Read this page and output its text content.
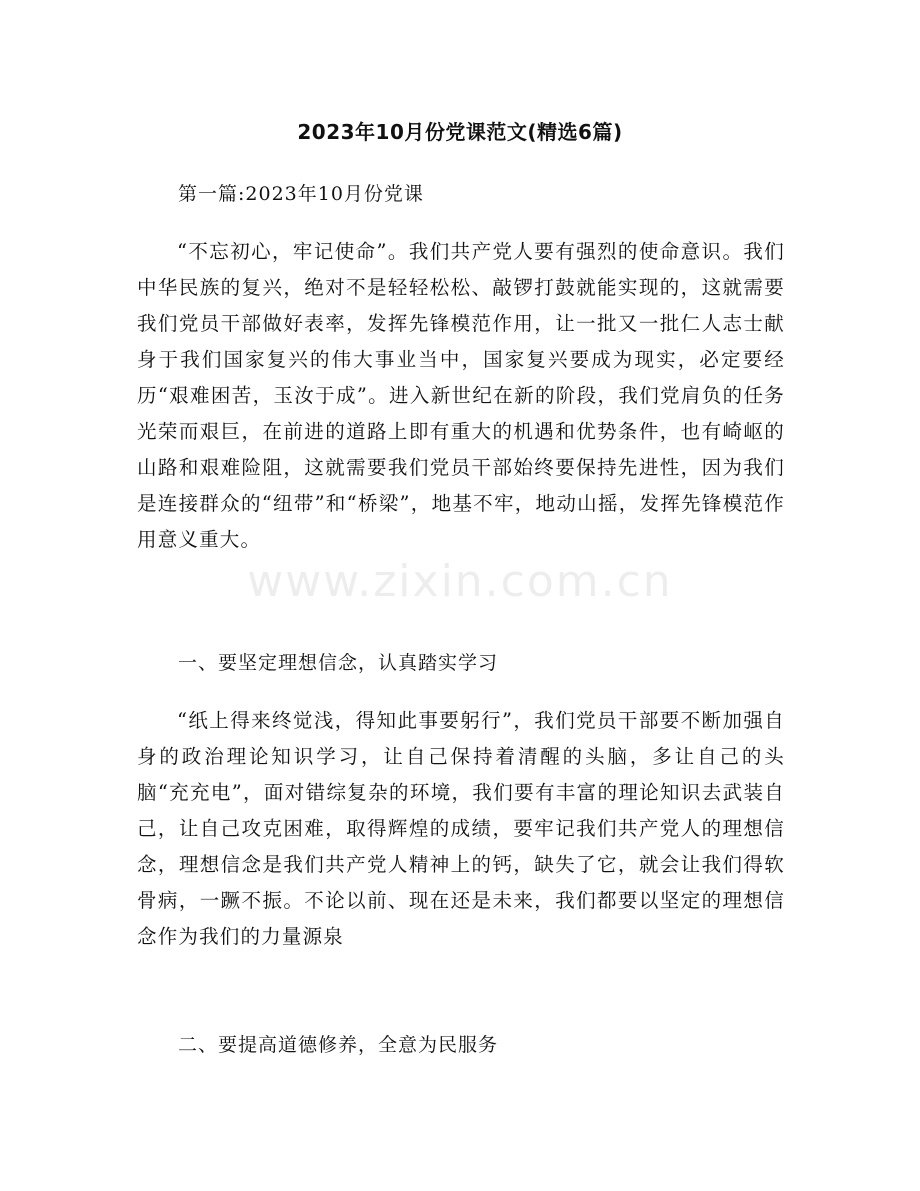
www.zixin.com.cn
2023年10月份党课范文(精选6篇)
第一篇:2023年10月份党课

“不忘初心，牢记使命”。我们共产党人要有强烈的使命意识。我们中华民族的复兴，绝对不是轻轻松松、敲锣打鼓就能实现的，这就需要我们党员干部做好表率，发挥先锋模范作用，让一批又一批仁人志士献身于我们国家复兴的伟大事业当中，国家复兴要成为现实，必定要经历“艰难困苦，玉汝于成”。进入新世纪在新的阶段，我们党肩负的任务光荣而艰巨，在前进的道路上即有重大的机遇和优势条件，也有崎岖的山路和艰难险阻，这就需要我们党员干部始终要保持先进性，因为我们是连接群众的“纽带”和“桥梁”，地基不牢，地动山摇，发挥先锋模范作用意义重大。

一、要坚定理想信念，认真踏实学习

“纸上得来终觉浅，得知此事要躬行”，我们党员干部要不断加强自身的政治理论知识学习，让自己保持着清醒的头脑，多让自己的头脑“充充电”，面对错综复杂的环境，我们要有丰富的理论知识去武装自己，让自己攻克困难，取得辉煌的成绩，要牢记我们共产党人的理想信念，理想信念是我们共产党人精神上的钙，缺失了它，就会让我们得软骨病，一蹶不振。不论以前、现在还是未来，我们都要以坚定的理想信念作为我们的力量源泉

二、要提高道德修养，全意为民服务
